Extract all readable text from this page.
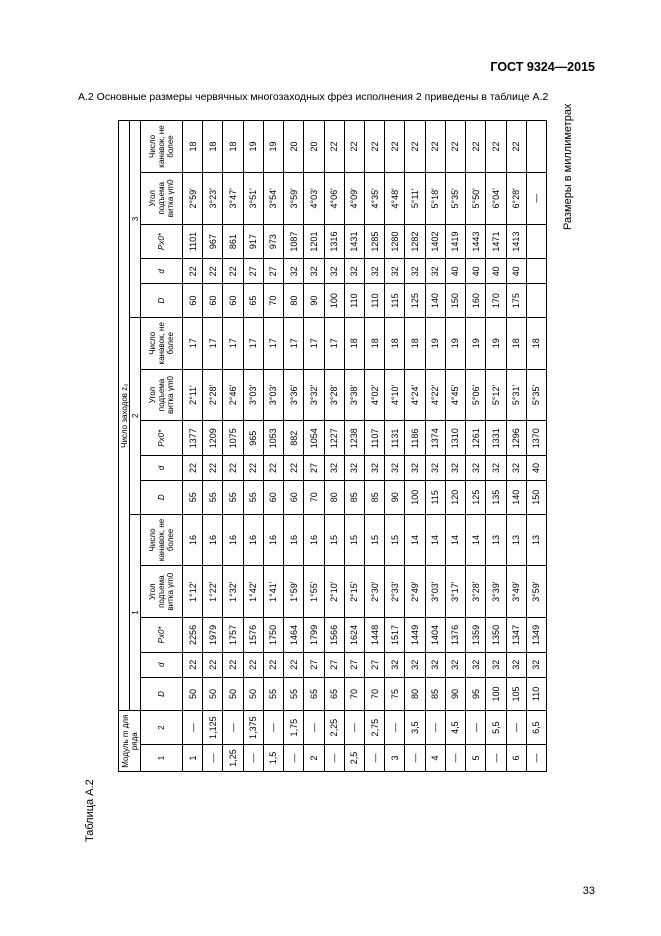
ГОСТ 9324—2015
А.2 Основные размеры червячных многозаходных фрез исполнения 2 приведены в таблице А.2
Таблица А.2
Размеры в миллиметрах
Модуль m для ряда		Число заходов z₀														
		1					2					3				
1	2	D	d	Pх0*	Угол подъема витка γm0	Число канавок, не более	D	d	Pх0*	Угол подъема витка γm0	Число канавок, не более	D	d	Pх0*	Угол подъема витка γm0	Число канавок, не более
1	—	50	22	2256	1°12'	16	55	22	1377	2°11'	17	60	22	1101	2°59'	18
—	1,125	50	22	1979	1°22'	16	55	22	1209	2°28'	17	60	22	967	3°23'	18
1,25	—	50	22	1757	1°32'	16	55	22	1075	2°46'	17	60	22	861	3°47'	18
—	1,375	50	22	1576	1°42'	16	55	22	965	3°03'	17	65	27	917	3°51'	19
1,5	—	55	22	1750	1°41'	16	60	22	1053	3°03'	17	70	27	973	3°54'	19
—	1,75	55	22	1464	1°59'	16	60	22	882	3°36'	17	80	32	1087	3°59'	20
2	—	65	27	1799	1°55'	16	70	27	1054	3°32'	17	90	32	1201	4°03'	20
—	2,25	65	27	1566	2°10'	15	80	32	1227	3°28'	17	100	32	1316	4°06'	22
2,5	—	70	27	1624	2°15'	15	85	32	1238	3°38'	18	110	32	1431	4°09'	22
—	2,75	70	27	1448	2°30'	15	85	32	1107	4°02'	18	110	32	1285	4°35'	22
3	—	75	32	1517	2°33'	15	90	32	1131	4°10'	18	115	32	1280	4°48'	22
—	3,5	80	32	1449	2°49'	14	100	32	1186	4°24'	18	125	32	1282	5°11'	22
4	—	85	32	1404	3°03'	14	115	32	1374	4°22'	19	140	32	1402	5°18'	22
—	4,5	90	32	1376	3°17'	14	120	32	1310	4°45'	19	150	40	1419	5°35'	22
5	—	95	32	1359	3°28'	14	125	32	1261	5°06'	19	160	40	1443	5°50'	22
—	5,5	100	32	1350	3°39'	13	135	32	1331	5°12'	19	170	40	1471	6°04'	22
6	—	105	32	1347	3°49'	13	140	32	1296	5°31'	18	175	40	1413	6°28'	22
—	6,5	110	32	1349	3°59'	13	150	40	1370	5°35'	18				—	
33
